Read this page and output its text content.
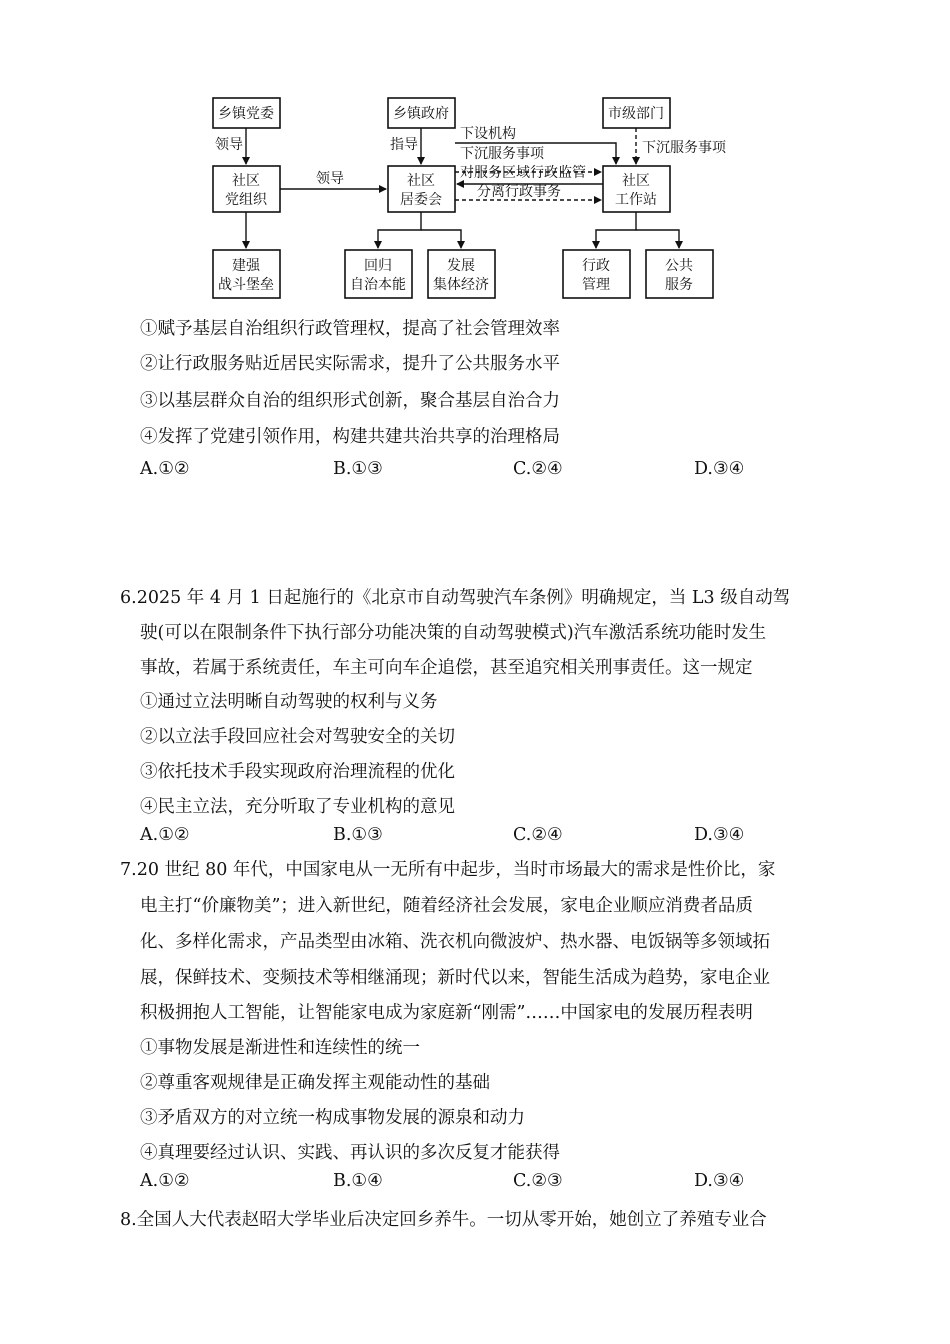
乡镇党委	乡镇政府	市级部门
社区
党组织
社区
居委会
社区
工作站
建强
战斗堡垒
回归
自治本能
发展
集体经济
行政
管理
公共
服务
领导
领导
指导
下设机构
下沉服务事项	下沉服务事项
对服务区域行政监管
分离行政事务
①赋予基层自治组织行政管理权，提高了社会管理效率
②让行政服务贴近居民实际需求，提升了公共服务水平
③以基层群众自治的组织形式创新，聚合基层自治合力
④发挥了党建引领作用，构建共建共治共享的治理格局
A.①②	B.①③	C.②④	D.③④
6.2025 年 4 月 1 日起施行的《北京市自动驾驶汽车条例》明确规定，当 L3 级自动驾
驶(可以在限制条件下执行部分功能决策的自动驾驶模式)汽车激活系统功能时发生
事故，若属于系统责任，车主可向车企追偿，甚至追究相关刑事责任。这一规定
①通过立法明晰自动驾驶的权利与义务
②以立法手段回应社会对驾驶安全的关切
③依托技术手段实现政府治理流程的优化
④民主立法，充分听取了专业机构的意见
A.①②	B.①③	C.②④	D.③④
7.20 世纪 80 年代，中国家电从一无所有中起步，当时市场最大的需求是性价比，家
电主打“价廉物美”；进入新世纪，随着经济社会发展，家电企业顺应消费者品质
化、多样化需求，产品类型由冰箱、洗衣机向微波炉、热水器、电饭锅等多领域拓
展，保鲜技术、变频技术等相继涌现；新时代以来，智能生活成为趋势，家电企业
积极拥抱人工智能，让智能家电成为家庭新“刚需”……中国家电的发展历程表明
①事物发展是渐进性和连续性的统一
②尊重客观规律是正确发挥主观能动性的基础
③矛盾双方的对立统一构成事物发展的源泉和动力
④真理要经过认识、实践、再认识的多次反复才能获得
A.①②	B.①④	C.②③	D.③④
8.全国人大代表赵昭大学毕业后决定回乡养牛。一切从零开始，她创立了养殖专业合
